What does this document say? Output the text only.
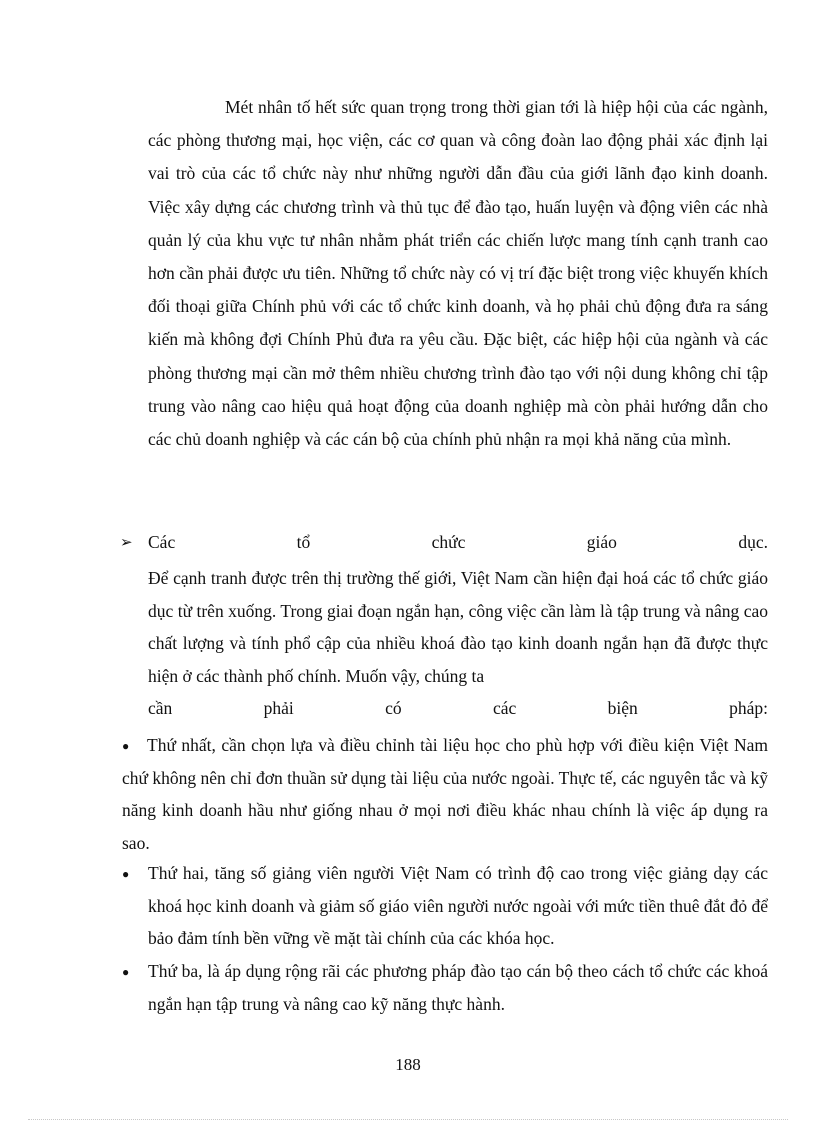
Mét nhân tố hết sức quan trọng trong thời gian tới là hiệp hội của các ngành, các phòng thương mại, học viện, các cơ quan và công đoàn lao động phải xác định lại vai trò của các tổ chức này như những người dẫn đầu của giới lãnh đạo kinh doanh. Việc xây dựng các chương trình và thủ tục để đào tạo, huấn luyện và động viên các nhà quản lý của khu vực tư nhân nhằm phát triển các chiến lược mang tính cạnh tranh cao hơn cần phải được ưu tiên. Những tổ chức này có vị trí đặc biệt trong việc khuyến khích đối thoại giữa Chính phủ với các tổ chức kinh doanh, và họ phải chủ động đưa ra sáng kiến mà không đợi Chính Phủ đưa ra yêu cầu. Đặc biệt, các hiệp hội của ngành và các phòng thương mại cần mở thêm nhiều chương trình đào tạo với nội dung không chỉ tập trung vào nâng cao hiệu quả hoạt động của doanh nghiệp mà còn phải hướng dẫn cho các chủ doanh nghiệp và các cán bộ của chính phủ nhận ra mọi khả năng của mình.
➢ Các tổ chức giáo dục.
Để cạnh tranh được trên thị trường thế giới, Việt Nam cần hiện đại hoá các tổ chức giáo dục từ trên xuống. Trong giai đoạn ngắn hạn, công việc cần làm là tập trung và nâng cao chất lượng và tính phổ cập của nhiều khoá đào tạo kinh doanh ngắn hạn đã được thực hiện ở các thành phố chính. Muốn vậy, chúng ta
cần phải có các biện pháp:
●	Thứ nhất, cần chọn lựa và điều chỉnh tài liệu học cho phù hợp với điều kiện Việt Nam chứ không nên chỉ đơn thuần sử dụng tài liệu của nước ngoài. Thực tế, các nguyên tắc và kỹ năng kinh doanh hầu như giống nhau ở mọi nơi điều khác nhau chính là việc áp dụng ra sao.
●	Thứ hai, tăng số giảng viên người Việt Nam có trình độ cao trong việc giảng dạy các khoá học kinh doanh và giảm số giáo viên người nước ngoài với mức tiền thuê đắt đỏ để bảo đảm tính bền vững về mặt tài chính của các khóa học.
●	Thứ ba, là áp dụng rộng rãi các phương pháp đào tạo cán bộ theo cách tổ chức các khoá ngắn hạn tập trung và nâng cao kỹ năng thực hành.
188
